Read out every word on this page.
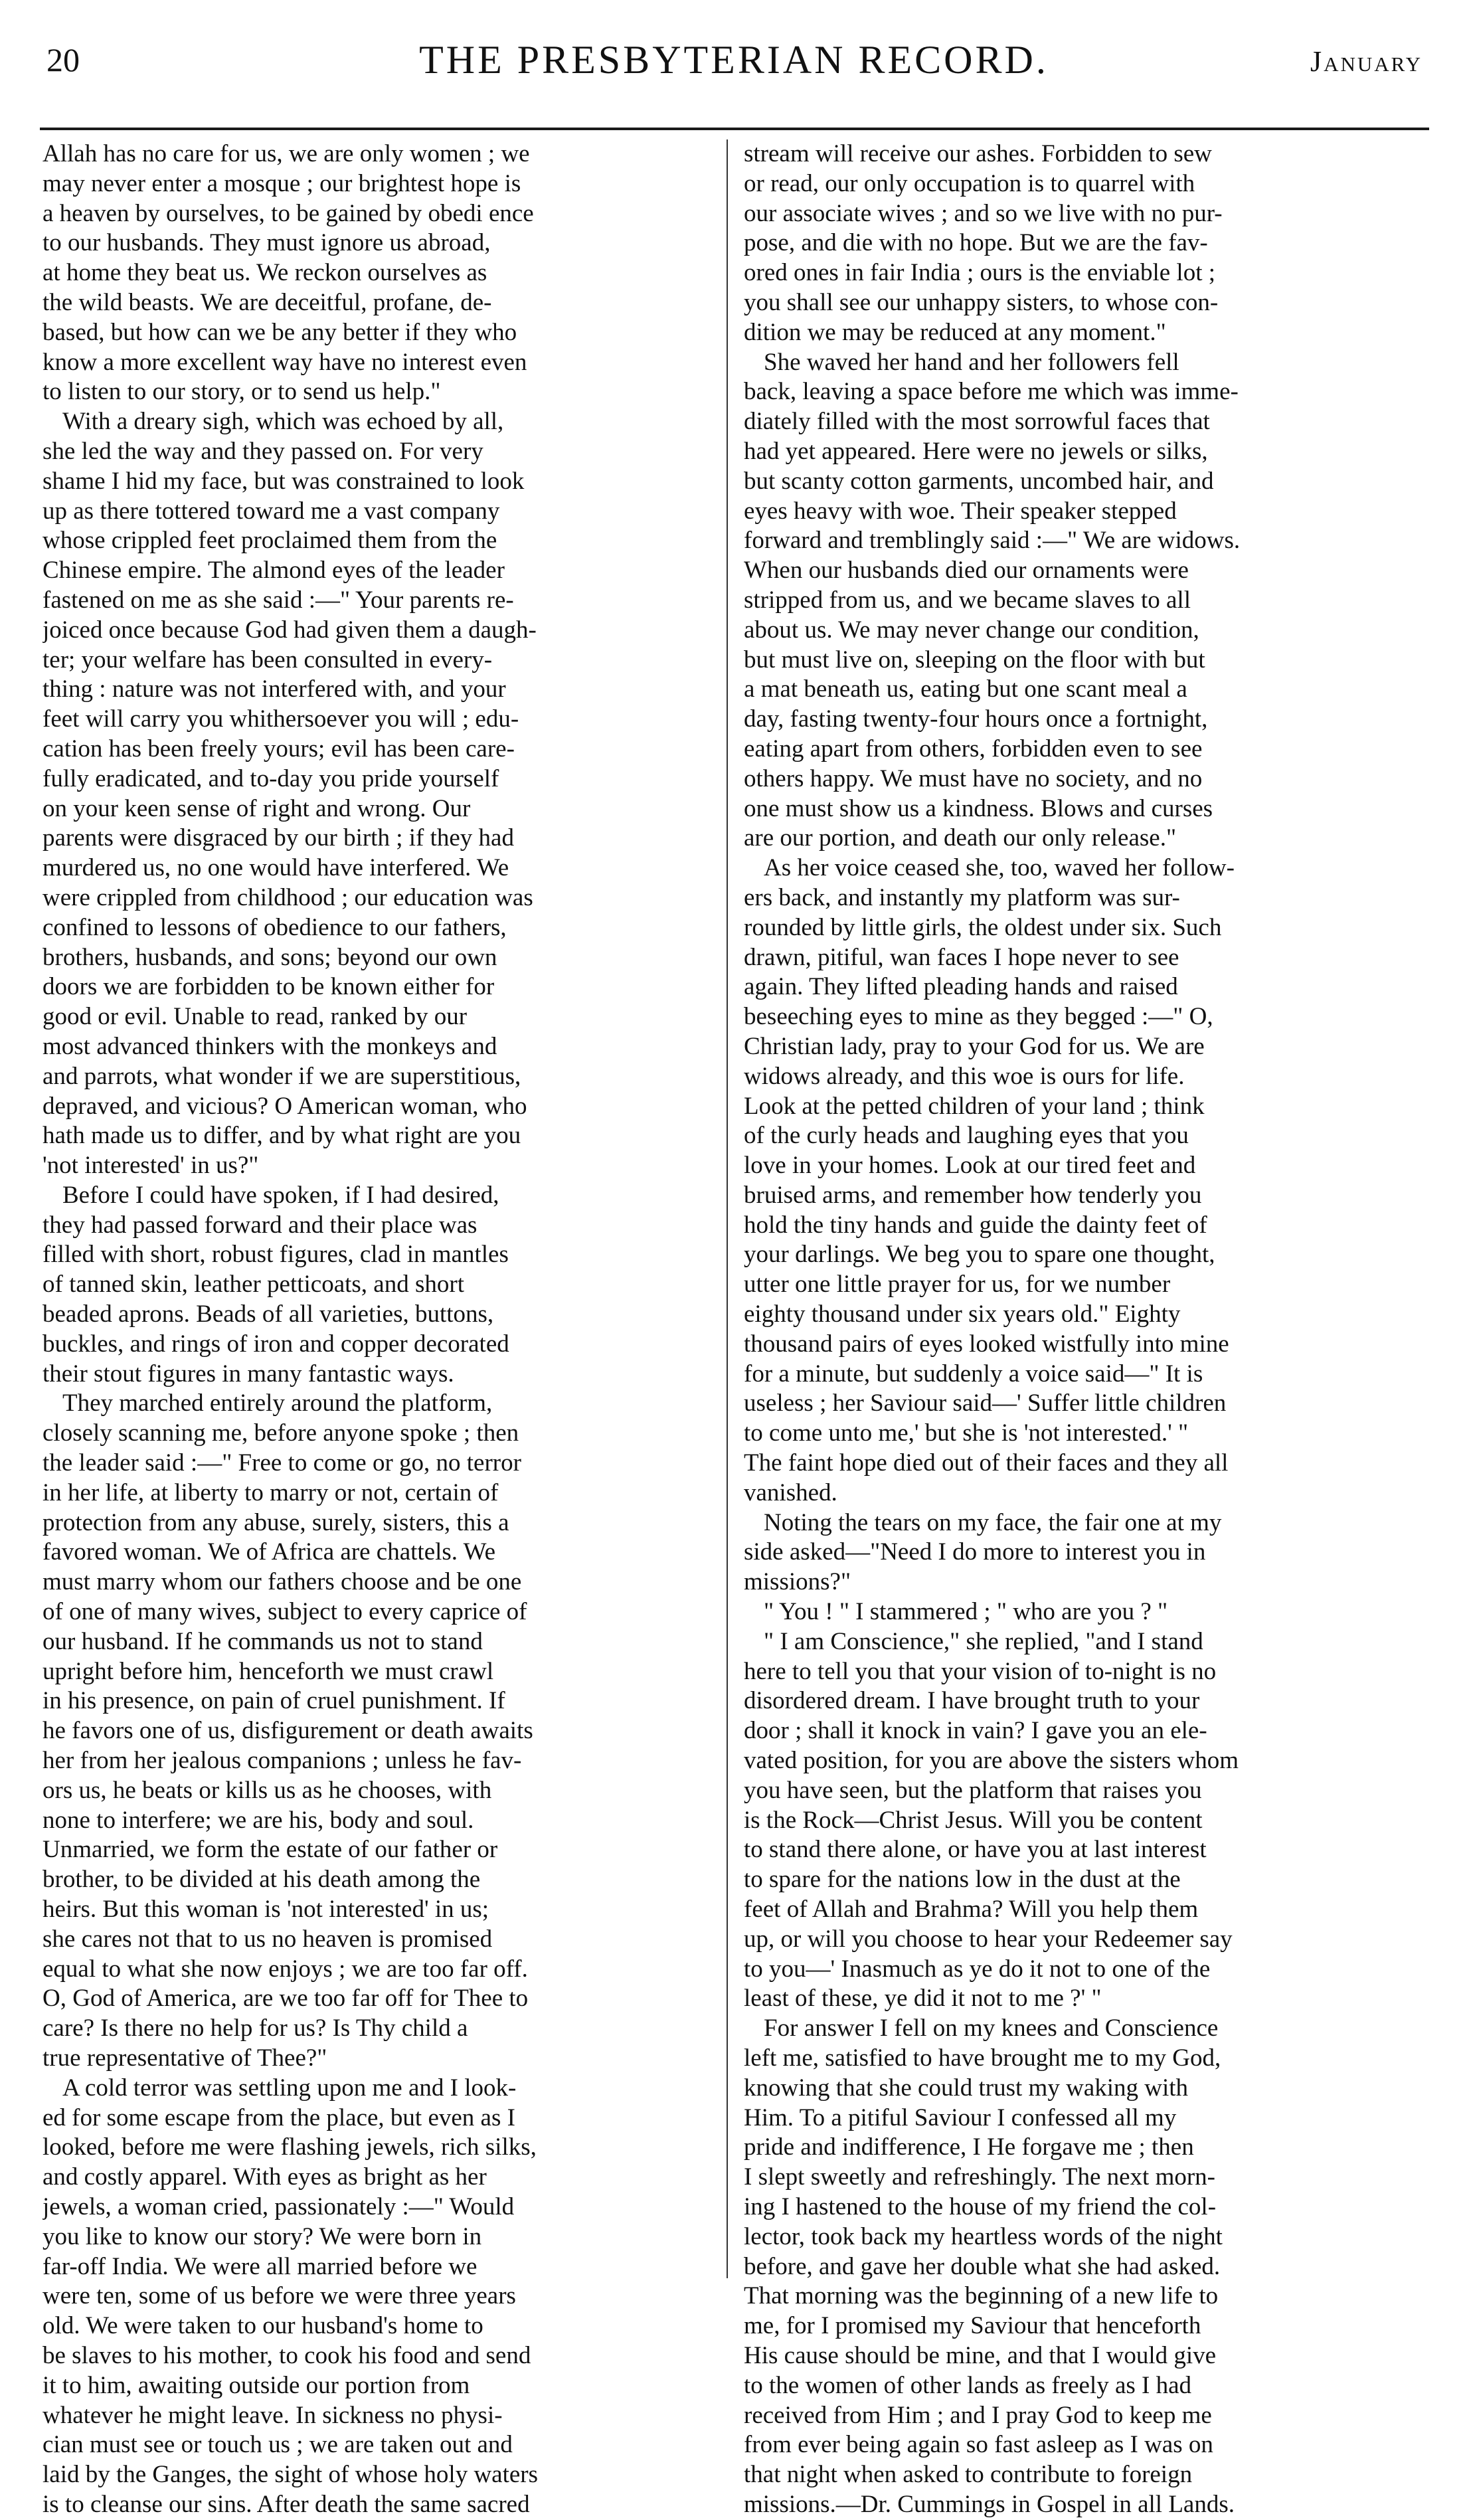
20	THE PRESBYTERIAN RECORD.	January
Allah has no care for us, we are only women ; we
may never enter a mosque ; our brightest hope is
a heaven by ourselves, to be gained by obedi ence
to our husbands. They must ignore us abroad,
at home they beat us. We reckon ourselves as
the wild beasts. We are deceitful, profane, de-
based, but how can we be any better if they who
know a more excellent way have no interest even
to listen to our story, or to send us help."
With a dreary sigh, which was echoed by all,
she led the way and they passed on. For very
shame I hid my face, but was constrained to look
up as there tottered toward me a vast company
whose crippled feet proclaimed them from the
Chinese empire. The almond eyes of the leader
fastened on me as she said :—" Your parents re-
joiced once because God had given them a daugh-
ter; your welfare has been consulted in every-
thing : nature was not interfered with, and your
feet will carry you whithersoever you will ; edu-
cation has been freely yours; evil has been care-
fully eradicated, and to-day you pride yourself
on your keen sense of right and wrong. Our
parents were disgraced by our birth ; if they had
murdered us, no one would have interfered. We
were crippled from childhood ; our education was
confined to lessons of obedience to our fathers,
brothers, husbands, and sons; beyond our own
doors we are forbidden to be known either for
good or evil. Unable to read, ranked by our
most advanced thinkers with the monkeys and
and parrots, what wonder if we are superstitious,
depraved, and vicious? O American woman, who
hath made us to differ, and by what right are you
'not interested' in us?"
Before I could have spoken, if I had desired,
they had passed forward and their place was
filled with short, robust figures, clad in mantles
of tanned skin, leather petticoats, and short
beaded aprons. Beads of all varieties, buttons,
buckles, and rings of iron and copper decorated
their stout figures in many fantastic ways.
They marched entirely around the platform,
closely scanning me, before anyone spoke ; then
the leader said :—" Free to come or go, no terror
in her life, at liberty to marry or not, certain of
protection from any abuse, surely, sisters, this a
favored woman. We of Africa are chattels. We
must marry whom our fathers choose and be one
of one of many wives, subject to every caprice of
our husband. If he commands us not to stand
upright before him, henceforth we must crawl
in his presence, on pain of cruel punishment. If
he favors one of us, disfigurement or death awaits
her from her jealous companions ; unless he fav-
ors us, he beats or kills us as he chooses, with
none to interfere; we are his, body and soul.
Unmarried, we form the estate of our father or
brother, to be divided at his death among the
heirs. But this woman is 'not interested' in us;
she cares not that to us no heaven is promised
equal to what she now enjoys ; we are too far off.
O, God of America, are we too far off for Thee to
care? Is there no help for us? Is Thy child a
true representative of Thee?"
A cold terror was settling upon me and I look-
ed for some escape from the place, but even as I
looked, before me were flashing jewels, rich silks,
and costly apparel. With eyes as bright as her
jewels, a woman cried, passionately :—" Would
you like to know our story? We were born in
far-off India. We were all married before we
were ten, some of us before we were three years
old. We were taken to our husband's home to
be slaves to his mother, to cook his food and send
it to him, awaiting outside our portion from
whatever he might leave. In sickness no physi-
cian must see or touch us ; we are taken out and
laid by the Ganges, the sight of whose holy waters
is to cleanse our sins. After death the same sacred
stream will receive our ashes. Forbidden to sew
or read, our only occupation is to quarrel with
our associate wives ; and so we live with no pur-
pose, and die with no hope. But we are the fav-
ored ones in fair India ; ours is the enviable lot ;
you shall see our unhappy sisters, to whose con-
dition we may be reduced at any moment."
She waved her hand and her followers fell
back, leaving a space before me which was imme-
diately filled with the most sorrowful faces that
had yet appeared. Here were no jewels or silks,
but scanty cotton garments, uncombed hair, and
eyes heavy with woe. Their speaker stepped
forward and tremblingly said :—" We are widows.
When our husbands died our ornaments were
stripped from us, and we became slaves to all
about us. We may never change our condition,
but must live on, sleeping on the floor with but
a mat beneath us, eating but one scant meal a
day, fasting twenty-four hours once a fortnight,
eating apart from others, forbidden even to see
others happy. We must have no society, and no
one must show us a kindness. Blows and curses
are our portion, and death our only release."
As her voice ceased she, too, waved her follow-
ers back, and instantly my platform was sur-
rounded by little girls, the oldest under six. Such
drawn, pitiful, wan faces I hope never to see
again. They lifted pleading hands and raised
beseeching eyes to mine as they begged :—" O,
Christian lady, pray to your God for us. We are
widows already, and this woe is ours for life.
Look at the petted children of your land ; think
of the curly heads and laughing eyes that you
love in your homes. Look at our tired feet and
bruised arms, and remember how tenderly you
hold the tiny hands and guide the dainty feet of
your darlings. We beg you to spare one thought,
utter one little prayer for us, for we number
eighty thousand under six years old." Eighty
thousand pairs of eyes looked wistfully into mine
for a minute, but suddenly a voice said—" It is
useless ; her Saviour said—' Suffer little children
to come unto me,' but she is 'not interested.' "
The faint hope died out of their faces and they all
vanished.
Noting the tears on my face, the fair one at my
side asked—"Need I do more to interest you in
missions?"
" You ! " I stammered ; " who are you ? "
" I am Conscience," she replied, "and I stand
here to tell you that your vision of to-night is no
disordered dream. I have brought truth to your
door ; shall it knock in vain? I gave you an ele-
vated position, for you are above the sisters whom
you have seen, but the platform that raises you
is the Rock—Christ Jesus. Will you be content
to stand there alone, or have you at last interest
to spare for the nations low in the dust at the
feet of Allah and Brahma? Will you help them
up, or will you choose to hear your Redeemer say
to you—' Inasmuch as ye do it not to one of the
least of these, ye did it not to me ?' "
For answer I fell on my knees and Conscience
left me, satisfied to have brought me to my God,
knowing that she could trust my waking with
Him. To a pitiful Saviour I confessed all my
pride and indifference, I He forgave me ; then
I slept sweetly and refreshingly. The next morn-
ing I hastened to the house of my friend the col-
lector, took back my heartless words of the night
before, and gave her double what she had asked.
That morning was the beginning of a new life to
me, for I promised my Saviour that henceforth
His cause should be mine, and that I would give
to the women of other lands as freely as I had
received from Him ; and I pray God to keep me
from ever being again so fast asleep as I was on
that night when asked to contribute to foreign
missions.—Dr. Cummings in Gospel in all Lands.
